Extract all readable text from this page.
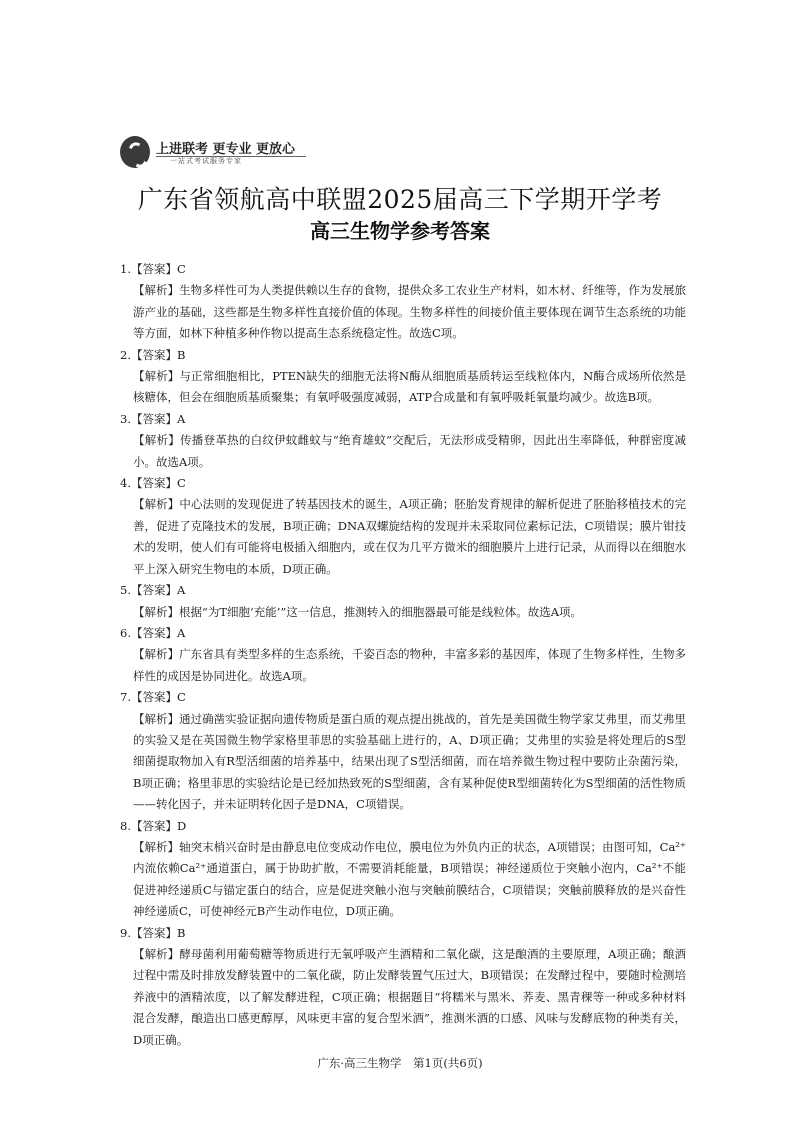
上进联考 更专业 更放心
一站式考试服务专家
广东省领航高中联盟2025届高三下学期开学考
高三生物学参考答案

1.【答案】C

【解析】生物多样性可为人类提供赖以生存的食物，提供众多工农业生产材料，如木材、纤维等，作为发展旅游产业的基础，这些都是生物多样性直接价值的体现。生物多样性的间接价值主要体现在调节生态系统的功能等方面，如林下种植多种作物以提高生态系统稳定性。故选C项。

2.【答案】B

【解析】与正常细胞相比，PTEN缺失的细胞无法将N酶从细胞质基质转运至线粒体内，N酶合成场所依然是核糖体，但会在细胞质基质聚集；有氧呼吸强度减弱，ATP合成量和有氧呼吸耗氧量均减少。故选B项。

3.【答案】A

【解析】传播登革热的白纹伊蚊雌蚊与“绝育雄蚊”交配后，无法形成受精卵，因此出生率降低，种群密度减小。故选A项。

4.【答案】C

【解析】中心法则的发现促进了转基因技术的诞生，A项正确；胚胎发育规律的解析促进了胚胎移植技术的完善，促进了克隆技术的发展，B项正确；DNA双螺旋结构的发现并未采取同位素标记法，C项错误；膜片钳技术的发明，使人们有可能将电极插入细胞内，或在仅为几平方微米的细胞膜片上进行记录，从而得以在细胞水平上深入研究生物电的本质，D项正确。

5.【答案】A

【解析】根据“为T细胞‘充能’”这一信息，推测转入的细胞器最可能是线粒体。故选A项。

6.【答案】A

【解析】广东省具有类型多样的生态系统，千姿百态的物种，丰富多彩的基因库，体现了生物多样性，生物多样性的成因是协同进化。故选A项。

7.【答案】C

【解析】通过确凿实验证据向遗传物质是蛋白质的观点提出挑战的，首先是美国微生物学家艾弗里，而艾弗里的实验又是在英国微生物学家格里菲思的实验基础上进行的，A、D项正确；艾弗里的实验是将处理后的S型细菌提取物加入有R型活细菌的培养基中，结果出现了S型活细菌，而在培养微生物过程中要防止杂菌污染，B项正确；格里菲思的实验结论是已经加热致死的S型细菌，含有某种促使R型细菌转化为S型细菌的活性物质——转化因子，并未证明转化因子是DNA，C项错误。

8.【答案】D

【解析】轴突末梢兴奋时是由静息电位变成动作电位，膜电位为外负内正的状态，A项错误；由图可知，Ca²⁺内流依赖Ca²⁺通道蛋白，属于协助扩散，不需要消耗能量，B项错误；神经递质位于突触小泡内，Ca²⁺不能促进神经递质C与锚定蛋白的结合，应是促进突触小泡与突触前膜结合，C项错误；突触前膜释放的是兴奋性神经递质C，可使神经元B产生动作电位，D项正确。

9.【答案】B

【解析】酵母菌利用葡萄糖等物质进行无氧呼吸产生酒精和二氧化碳，这是酿酒的主要原理，A项正确；酿酒过程中需及时排放发酵装置中的二氧化碳，防止发酵装置气压过大，B项错误；在发酵过程中，要随时检测培养液中的酒精浓度，以了解发酵进程，C项正确；根据题目“将糯米与黑米、荞麦、黑青稞等一种或多种材料混合发酵，酿造出口感更醇厚，风味更丰富的复合型米酒”，推测米酒的口感、风味与发酵底物的种类有关，D项正确。

广东·高三生物学　第1页(共6页)
